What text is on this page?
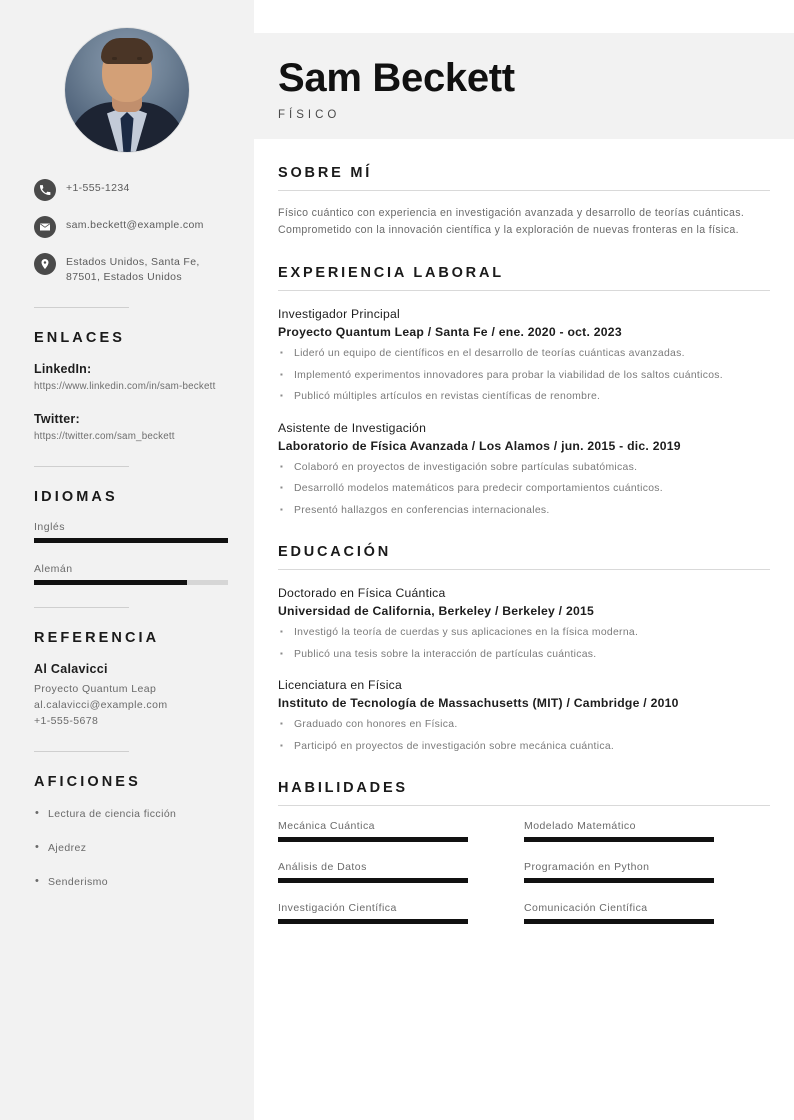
+1-555-1234
sam.beckett@example.com
Estados Unidos, Santa Fe, 87501, Estados Unidos
ENLACES
LinkedIn:
https://www.linkedin.com/in/sam-beckett
Twitter:
https://twitter.com/sam_beckett
IDIOMAS
Inglés
Alemán
REFERENCIA
Al Calavicci
Proyecto Quantum Leap
al.calavicci@example.com
+1-555-5678
AFICIONES
• Lectura de ciencia ficción
• Ajedrez
• Senderismo
Sam Beckett
FÍSICO
SOBRE MÍ
Físico cuántico con experiencia en investigación avanzada y desarrollo de teorías cuánticas. Comprometido con la innovación científica y la exploración de nuevas fronteras en la física.
EXPERIENCIA LABORAL
Investigador Principal
Proyecto Quantum Leap / Santa Fe / ene. 2020 - oct. 2023
▪ Lideró un equipo de científicos en el desarrollo de teorías cuánticas avanzadas.
▪ Implementó experimentos innovadores para probar la viabilidad de los saltos cuánticos.
▪ Publicó múltiples artículos en revistas científicas de renombre.
Asistente de Investigación
Laboratorio de Física Avanzada / Los Alamos / jun. 2015 - dic. 2019
▪ Colaboró en proyectos de investigación sobre partículas subatómicas.
▪ Desarrolló modelos matemáticos para predecir comportamientos cuánticos.
▪ Presentó hallazgos en conferencias internacionales.
EDUCACIÓN
Doctorado en Física Cuántica
Universidad de California, Berkeley / Berkeley / 2015
▪ Investigó la teoría de cuerdas y sus aplicaciones en la física moderna.
▪ Publicó una tesis sobre la interacción de partículas cuánticas.
Licenciatura en Física
Instituto de Tecnología de Massachusetts (MIT) / Cambridge / 2010
▪ Graduado con honores en Física.
▪ Participó en proyectos de investigación sobre mecánica cuántica.
HABILIDADES
Mecánica Cuántica	Modelado Matemático
Análisis de Datos	Programación en Python
Investigación Científica	Comunicación Científica
